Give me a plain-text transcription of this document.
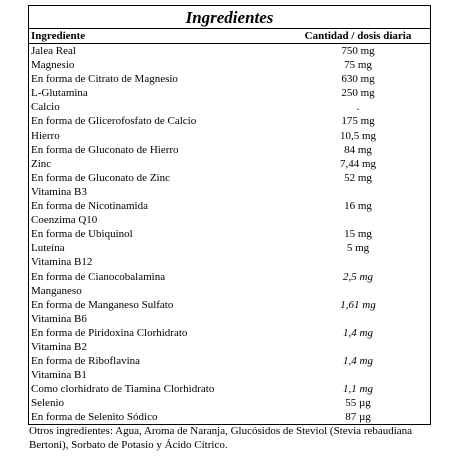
Ingredientes
Ingrediente	Cantidad / dosis diaria
Jalea Real	750 mg
Magnesio	75 mg
En forma de Citrato de Magnesio	630 mg
L-Glutamina	250 mg
Calcio	.
En forma de Glicerofosfato de Calcio	175 mg
Hierro	10,5 mg
En forma de Gluconato de Hierro	84 mg
Zinc	7,44 mg
En forma de Gluconato de Zinc	52 mg
Vitamina B3
En forma de Nicotinamida	16 mg
Coenzima Q10
En forma de Ubiquinol	15 mg
Luteína	5 mg
Vitamina B12
En forma de Cianocobalamina	2,5 mg
Manganeso
En forma de Manganeso Sulfato	1,61 mg
Vitamina B6
En forma de Piridoxina Clorhidrato	1,4 mg
Vitamina B2
En forma de Riboflavina	1,4 mg
Vitamina B1
Como clorhidrato de Tiamina Clorhidrato	1,1 mg
Selenio	55 µg
En forma de Selenito Sódico	87 µg
Otros ingredientes: Agua, Aroma de Naranja, Glucósidos de Steviol (Stevia rebaudiana Bertoni), Sorbato de Potasio y Ácido Cítrico.
